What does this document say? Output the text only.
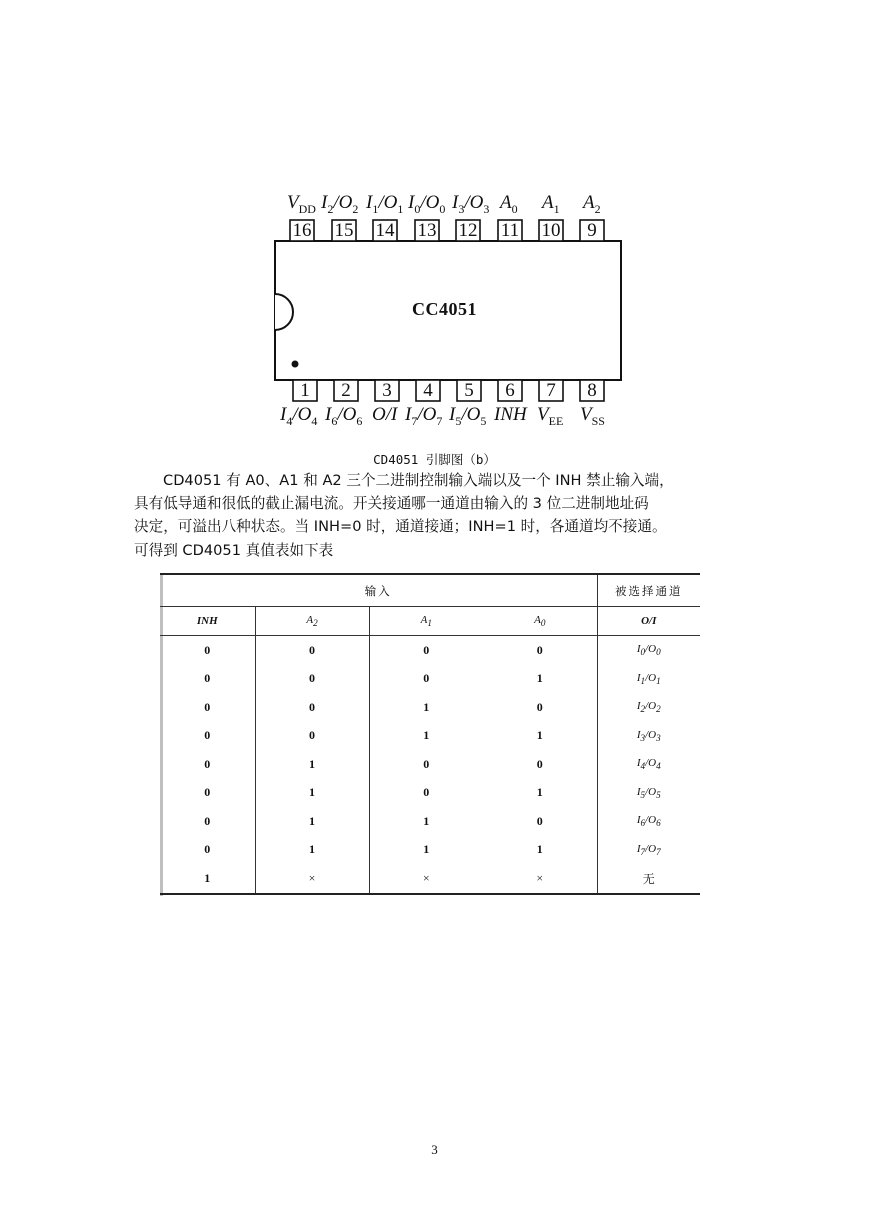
$V_{DD}$ $I_2/O_2$ $I_1/O_1$ $I_0/O_0$ $I_3/O_3$ $A_0$ $A_1$ $A_2$
16 15 14 13 12 11 10	9
CC4051
1	2	3	4	5	6	7	8
$I_4/O_4$ $I_6/O_6$ O/I $I_7/O_7$ $I_5/O_5$ INH $V_{EE}$ $V_{SS}$
CD4051 引脚图（b）

CD4051 有 A0、A1 和 A2 三个二进制控制输入端以及一个 INH 禁止输入端，

具有低导通和很低的截止漏电流。开关接通哪一通道由输入的 3 位二进制地址码

决定，可溢出八种状态。当 INH=0 时，通道接通；INH=1 时，各通道均不接通。

可得到 CD4051 真值表如下表

输入				被选择通道
INH	$A_2$	$A_1$	$A_0$	O/I
0	0	0	0	$I_0/O_0$
0	0	0	1	$I_1/O_1$
0	0	1	0	$I_2/O_2$
0	0	1	1	$I_3/O_3$
0	1	0	0	$I_4/O_4$
0	1	0	1	$I_5/O_5$
0	1	1	0	$I_6/O_6$
0	1	1	1	$I_7/O_7$
1	×	×	×	无
3
